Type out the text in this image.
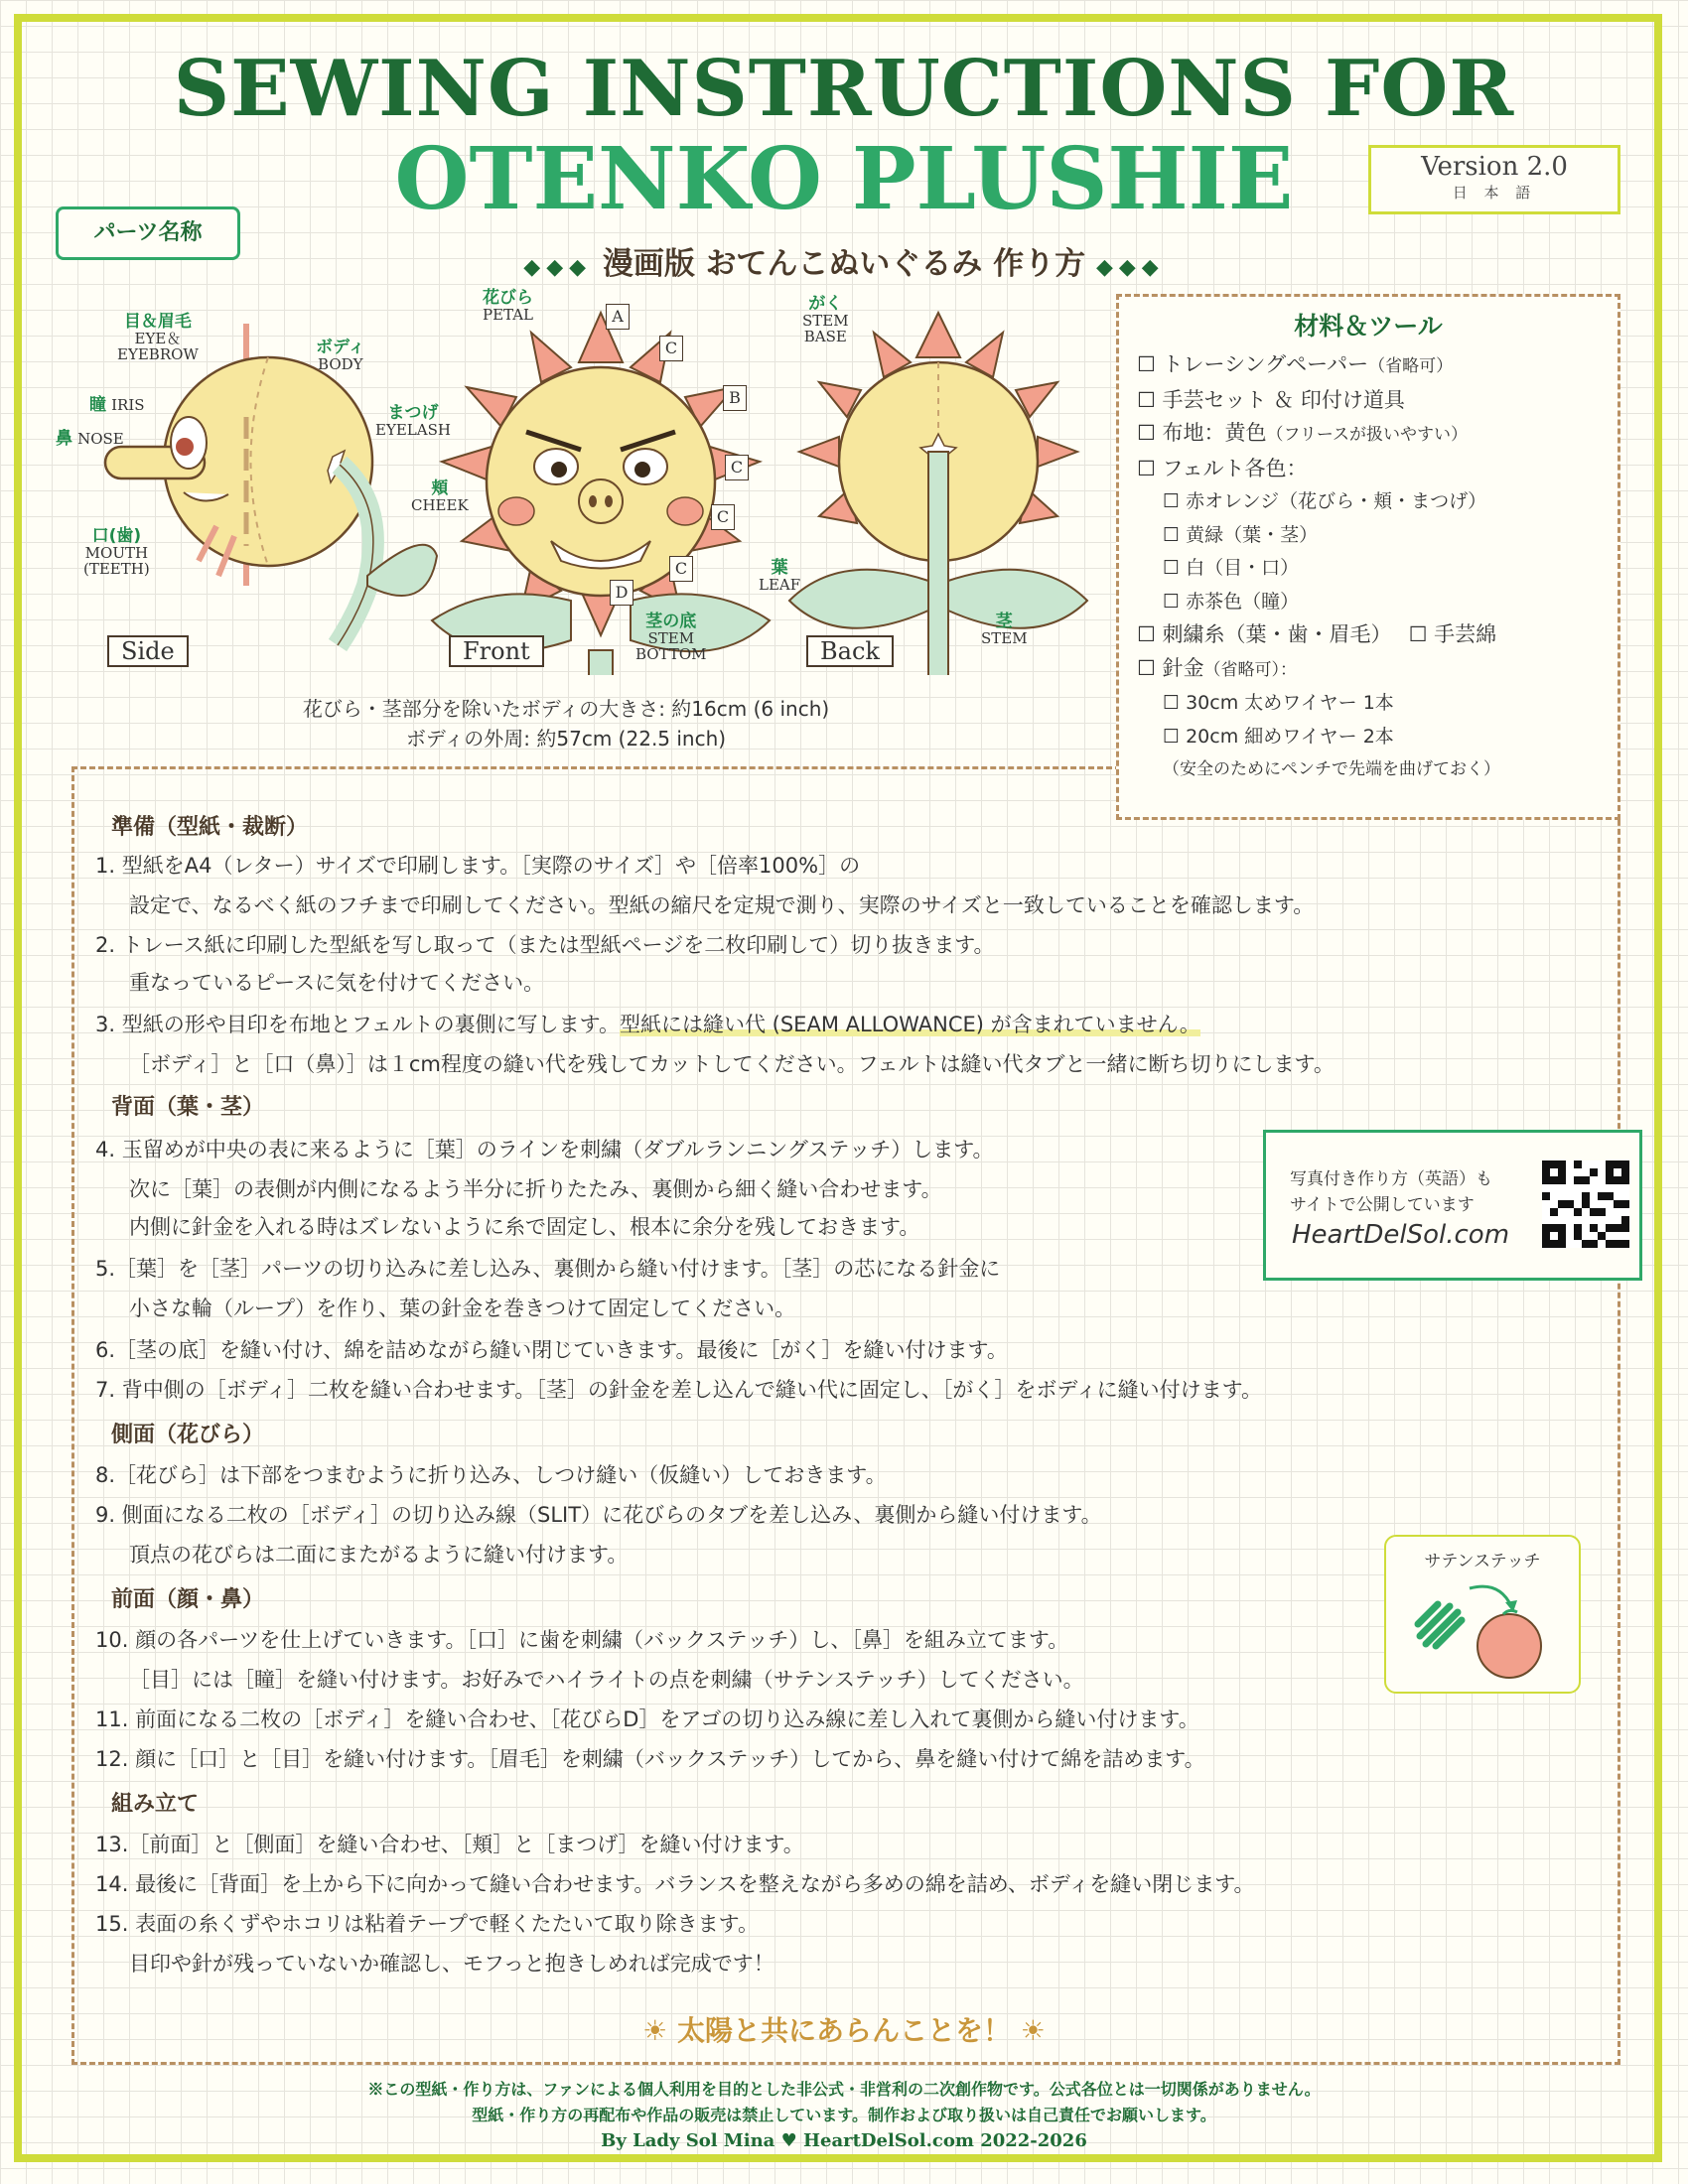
SEWING INSTRUCTIONS FOR
OTENKO PLUSHIE	Version 2.0
日 本 語
パーツ名称
◆◆◆ 漫画版 おてんこぬいぐるみ 作り方 ◆◆◆
目＆眉毛
EYE＆
EYEBROW	ボディ
BODY
瞳 IRIS
鼻 NOSE
口(歯)
MOUTH
(TEETH)
Side
花びら
PETAL
まつげ
EYELASH
頬
CHEEK
茎の底
STEM
BOTTOM
A
C
B
C
C
C
D
Front
がく
STEM
BASE
葉
LEAF
茎
STEM
Back
花びら・茎部分を除いたボディの大きさ: 約16cm (6 inch)
ボディの外周: 約57cm (22.5 inch)
材料＆ツール
☐ トレーシングペーパー（省略可）
☐ 手芸セット ＆ 印付け道具
☐ 布地：黄色（フリースが扱いやすい）
☐ フェルト各色：
☐ 赤オレンジ（花びら・頬・まつげ）
☐ 黄緑（葉・茎）
☐ 白（目・口）
☐ 赤茶色（瞳）
☐ 刺繍糸（葉・歯・眉毛）　 ☐ 手芸綿
☐ 針金（省略可）：
☐ 30cm 太めワイヤー 1本
☐ 20cm 細めワイヤー 2本
（安全のためにペンチで先端を曲げておく）
準備（型紙・裁断）
1. 型紙をA4（レター）サイズで印刷します。［実際のサイズ］や［倍率100%］の
設定で、なるべく紙のフチまで印刷してください。型紙の縮尺を定規で測り、実際のサイズと一致していることを確認します。
2. トレース紙に印刷した型紙を写し取って（または型紙ページを二枚印刷して）切り抜きます。
重なっているピースに気を付けてください。
3. 型紙の形や目印を布地とフェルトの裏側に写します。型紙には縫い代 (SEAM ALLOWANCE) が含まれていません。
［ボディ］と［口（鼻）］は１cm程度の縫い代を残してカットしてください。フェルトは縫い代タブと一緒に断ち切りにします。
背面（葉・茎）
4. 玉留めが中央の表に来るように［葉］のラインを刺繍（ダブルランニングステッチ）します。
次に［葉］の表側が内側になるよう半分に折りたたみ、裏側から細く縫い合わせます。
内側に針金を入れる時はズレないように糸で固定し、根本に余分を残しておきます。
5.［葉］を［茎］パーツの切り込みに差し込み、裏側から縫い付けます。［茎］の芯になる針金に
小さな輪（ループ）を作り、葉の針金を巻きつけて固定してください。
6.［茎の底］を縫い付け、綿を詰めながら縫い閉じていきます。最後に［がく］を縫い付けます。
7. 背中側の［ボディ］二枚を縫い合わせます。［茎］の針金を差し込んで縫い代に固定し、［がく］をボディに縫い付けます。
側面（花びら）
8.［花びら］は下部をつまむように折り込み、しつけ縫い（仮縫い）しておきます。
9. 側面になる二枚の［ボディ］の切り込み線（SLIT）に花びらのタブを差し込み、裏側から縫い付けます。
頂点の花びらは二面にまたがるように縫い付けます。
前面（顔・鼻）
10. 顔の各パーツを仕上げていきます。［口］に歯を刺繍（バックステッチ）し、［鼻］を組み立てます。
［目］には［瞳］を縫い付けます。お好みでハイライトの点を刺繍（サテンステッチ）してください。
11. 前面になる二枚の［ボディ］を縫い合わせ、［花びらD］をアゴの切り込み線に差し入れて裏側から縫い付けます。
12. 顔に［口］と［目］を縫い付けます。［眉毛］を刺繍（バックステッチ）してから、鼻を縫い付けて綿を詰めます。
組み立て
13.［前面］と［側面］を縫い合わせ、［頬］と［まつげ］を縫い付けます。
14. 最後に［背面］を上から下に向かって縫い合わせます。バランスを整えながら多めの綿を詰め、ボディを縫い閉じます。
15. 表面の糸くずやホコリは粘着テープで軽くたたいて取り除きます。
目印や針が残っていないか確認し、モフっと抱きしめれば完成です！
写真付き作り方（英語）も
サイトで公開しています
HeartDelSol.com
サテンステッチ
☀ 太陽と共にあらんことを！ ☀
※この型紙・作り方は、ファンによる個人利用を目的とした非公式・非営利の二次創作物です。公式各位とは一切関係がありません。
型紙・作り方の再配布や作品の販売は禁止しています。制作および取り扱いは自己責任でお願いします。
By Lady Sol Mina ♥ HeartDelSol.com 2022-2026
